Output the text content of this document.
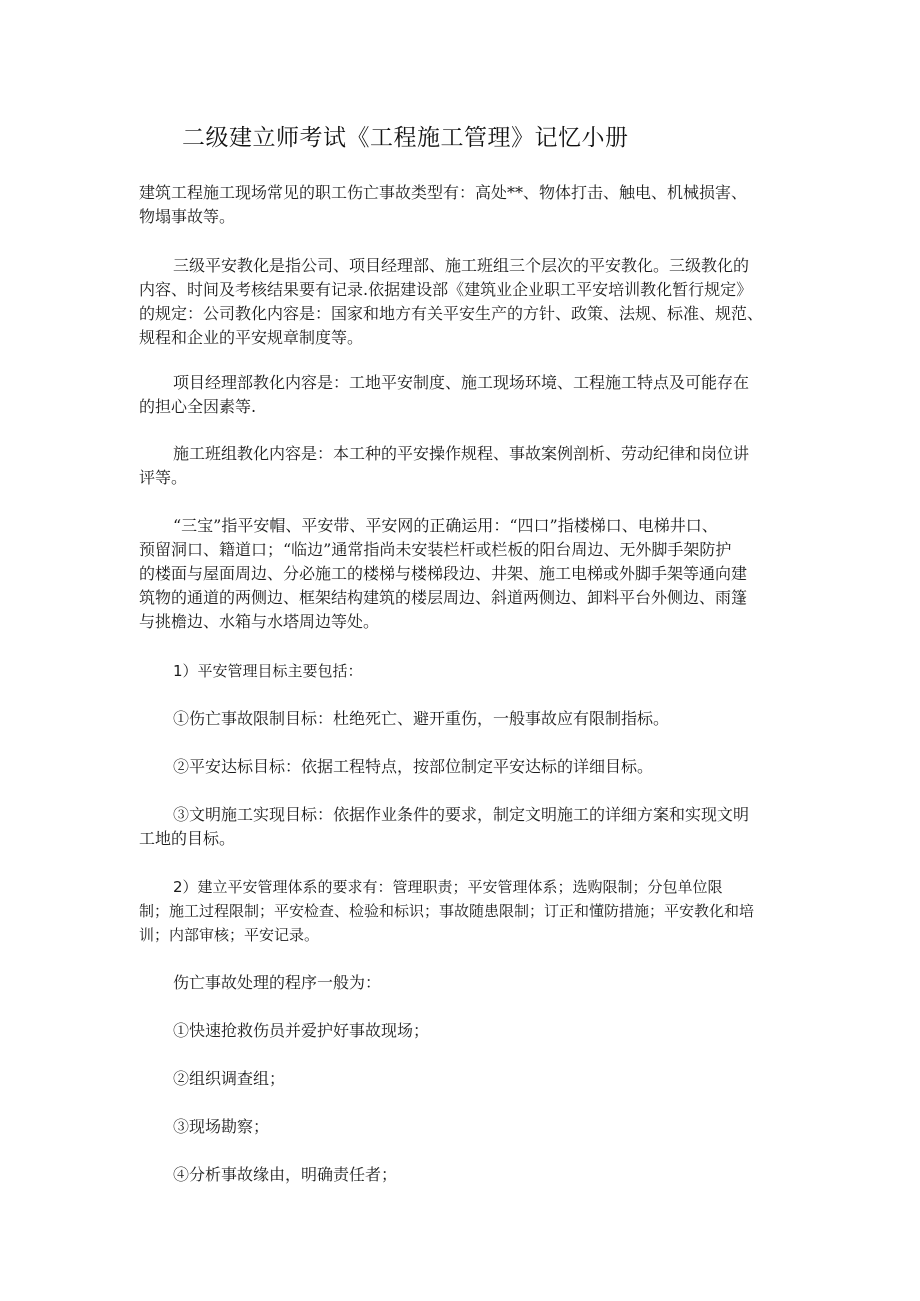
二级建立师考试《工程施工管理》记忆小册
建筑工程施工现场常见的职工伤亡事故类型有：高处**、物体打击、触电、机械损害、
物塌事故等。
三级平安教化是指公司、项目经理部、施工班组三个层次的平安教化。三级教化的
内容、时间及考核结果要有记录.依据建设部《建筑业企业职工平安培训教化暂行规定》
的规定：公司教化内容是：国家和地方有关平安生产的方针、政策、法规、标准、规范、
规程和企业的平安规章制度等。
项目经理部教化内容是：工地平安制度、施工现场环境、工程施工特点及可能存在
的担心全因素等.
施工班组教化内容是：本工种的平安操作规程、事故案例剖析、劳动纪律和岗位讲
评等。
“三宝”指平安帽、平安带、平安网的正确运用：“四口”指楼梯口、电梯井口、
预留洞口、籍道口；“临边”通常指尚未安装栏杆或栏板的阳台周边、无外脚手架防护
的楼面与屋面周边、分必施工的楼梯与楼梯段边、井架、施工电梯或外脚手架等通向建
筑物的通道的两侧边、框架结构建筑的楼层周边、斜道两侧边、卸料平台外侧边、雨篷
与挑檐边、水箱与水塔周边等处。
1）平安管理目标主要包括：
①伤亡事故限制目标：杜绝死亡、避开重伤，一般事故应有限制指标。
②平安达标目标：依据工程特点，按部位制定平安达标的详细目标。
③文明施工实现目标：依据作业条件的要求，制定文明施工的详细方案和实现文明
工地的目标。
2）建立平安管理体系的要求有：管理职责；平安管理体系；选购限制；分包单位限
制；施工过程限制；平安检查、检验和标识；事故随患限制；订正和懂防措施；平安教化和培
训；内部审核；平安记录。
伤亡事故处理的程序一般为：
①快速抢救伤员并爱护好事故现场；
②组织调查组；
③现场勘察；
④分析事故缘由，明确责任者；
